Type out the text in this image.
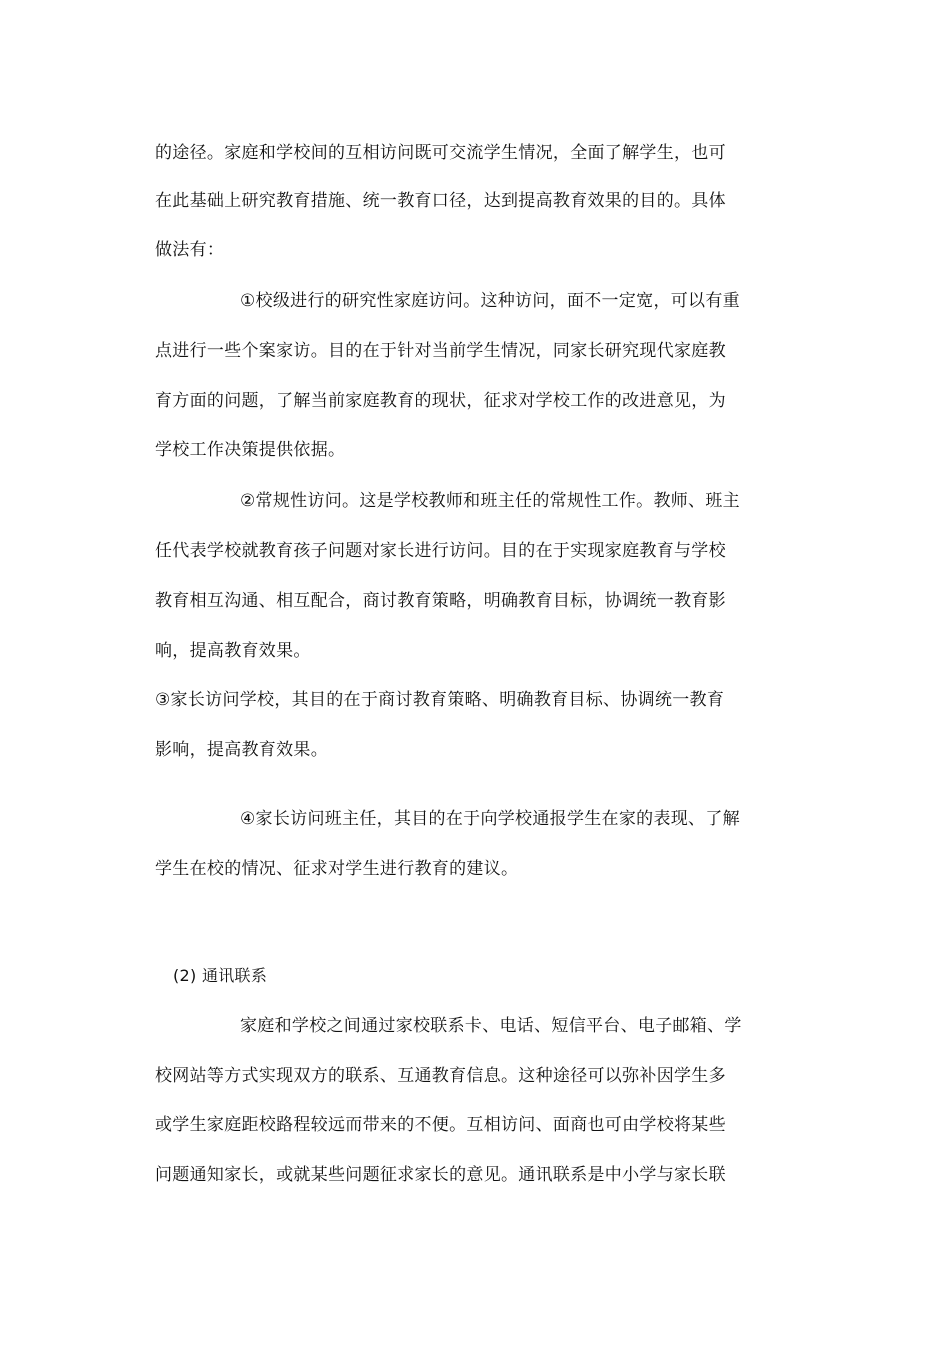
的途径。家庭和学校间的互相访问既可交流学生情况，全面了解学生，也可
在此基础上研究教育措施、统一教育口径，达到提高教育效果的目的。具体
做法有：
①校级进行的研究性家庭访问。这种访问，面不一定宽，可以有重
点进行一些个案家访。目的在于针对当前学生情况，同家长研究现代家庭教
育方面的问题，了解当前家庭教育的现状，征求对学校工作的改进意见，为
学校工作决策提供依据。
②常规性访问。这是学校教师和班主任的常规性工作。教师、班主
任代表学校就教育孩子问题对家长进行访问。目的在于实现家庭教育与学校
教育相互沟通、相互配合，商讨教育策略，明确教育目标，协调统一教育影
响，提高教育效果。
③家长访问学校，其目的在于商讨教育策略、明确教育目标、协调统一教育
影响，提高教育效果。
④家长访问班主任，其目的在于向学校通报学生在家的表现、了解
学生在校的情况、征求对学生进行教育的建议。
(2) 通讯联系
家庭和学校之间通过家校联系卡、电话、短信平台、电子邮箱、学
校网站等方式实现双方的联系、互通教育信息。这种途径可以弥补因学生多
或学生家庭距校路程较远而带来的不便。互相访问、面商也可由学校将某些
问题通知家长，或就某些问题征求家长的意见。通讯联系是中小学与家长联
